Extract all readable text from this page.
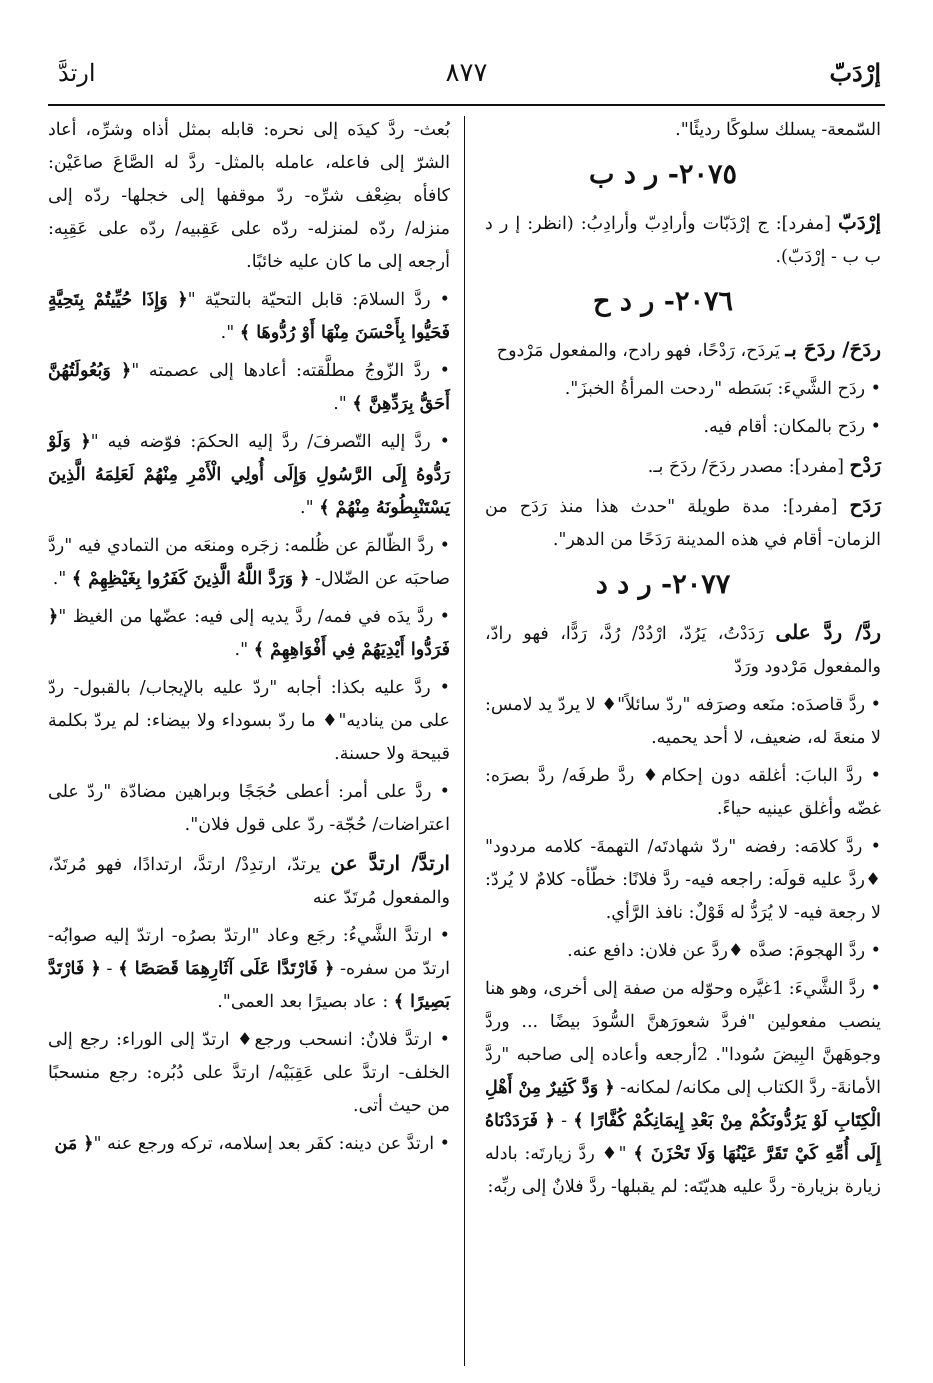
إرْدَبّ
٨٧٧
ارتدَّ

السّمعة- يسلك سلوكًا رديئًا".

٢٠٧٥- ر د ب

إرْدَبّ [مفرد]: ج إرْدَبّات وأرادِبّ وأرادِبُ: (انظر: إ ر د ب ب - إرْدَبّ).

٢٠٧٦- ر د ح

ردَحَ/ ردَحَ بـ يَردَح، رَدْحًا، فهو رادح، والمفعول مَرْدوح

• ردَح الشَّيءَ: بَسَطه "ردحت المرأةُ الخبزَ".

• ردَح بالمكان: أقام فيه.

رَدْح [مفرد]: مصدر ردَحَ/ ردَحَ بـ.

رَدَح [مفرد]: مدة طويلة "حدث هذا منذ رَدَح من الزمان- أقام في هذه المدينة رَدَحًا من الدهر".

٢٠٧٧- ر د د

ردَّ/ ردَّ على رَدَدْتُ، يَرُدّ، ارْدُدْ/ رُدَّ، رَدًّا، فهو رادّ، والمفعول مَرْدود ورَدّ

• ردَّ قاصدَه: منَعه وصرَفه "ردّ سائلاً"♦ لا يردّ يد لامس: لا منعةَ له، ضعيف، لا أحد يحميه.

• ردَّ البابَ: أغلقه دون إحكام♦ ردَّ طرفَه/ ردَّ بصرَه: غضّه وأغلق عينيه حياءً.

• ردَّ كلامَه: رفضه "ردّ شهادتَه/ التهمةَ- كلامه مردود" ♦ردَّ عليه قولَه: راجعه فيه- ردَّ فلانًا: خطّأه- كلامٌ لا يُردّ: لا رجعة فيه- لا يُرَدُّ له قَوْلٌ: نافذ الرَّأي.

• ردَّ الهجومَ: صدَّه ♦ردَّ عن فلان: دافع عنه.

• ردَّ الشَّيءَ: 1غيَّره وحوّله من صفة إلى أخرى، وهو هنا ينصب مفعولين "فردَّ شعورَهنَّ السُّودَ بيضًا ... وردَّ وجوهَهنَّ البِيضَ سُودا". 2أرجعه وأعاده إلى صاحبه "ردَّ الأمانةَ- ردَّ الكتاب إلى مكانه/ لمكانه- ﴿ وَدَّ كَثِيرٌ مِنْ أَهْلِ الْكِتَابِ لَوْ يَرُدُّونَكُمْ مِنْ بَعْدِ إِيمَانِكُمْ كُفَّارًا ﴾ - ﴿ فَرَدَدْنَاهُ إِلَى أُمِّهِ كَيْ تَقَرَّ عَيْنُهَا وَلَا تَحْزَنَ ﴾ "♦ ردَّ زيارتَه: بادله زيارة بزيارة- ردَّ عليه هديّتَه: لم يقبلها- ردَّ فلانٌ إلى ربِّه:

بُعث- ردَّ كيدَه إلى نحره: قابله بمثل أذاه وشرِّه، أعاد الشرّ إلى فاعله، عامله بالمثل- ردَّ له الصَّاعَ صاعَيْن: كافأه بضِعْف شرِّه- ردّ موقفها إلى خجلها- ردّه إلى منزله/ ردّه لمنزله- ردّه على عَقِبيه/ ردّه على عَقِبِه: أرجعه إلى ما كان عليه خائبًا.

• ردَّ السلامَ: قابل التحيّة بالتحيّة "﴿ وَإِذَا حُيِّيتُمْ بِتَحِيَّةٍ فَحَيُّوا بِأَحْسَنَ مِنْهَا أَوْ رُدُّوهَا ﴾ ".

• ردَّ الزّوجُ مطلَّقته: أعادها إلى عصمته "﴿ وَبُعُولَتُهُنَّ أَحَقُّ بِرَدِّهِنَّ ﴾ ".

• ردَّ إليه التّصرفَ/ ردَّ إليه الحكمَ: فوّضه فيه "﴿ وَلَوْ رَدُّوهُ إِلَى الرَّسُولِ وَإِلَى أُولِي الْأَمْرِ مِنْهُمْ لَعَلِمَهُ الَّذِينَ يَسْتَنْبِطُونَهُ مِنْهُمْ ﴾ ".

• ردَّ الظّالمَ عن ظُلمه: زجَره ومنعَه من التمادي فيه "ردَّ صاحبَه عن الضّلال- ﴿ وَرَدَّ اللَّهُ الَّذِينَ كَفَرُوا بِغَيْظِهِمْ ﴾ ".

• ردَّ يدَه في فمه/ ردَّ يديه إلى فيه: عضّها من الغيظ "﴿ فَرَدُّوا أَيْدِيَهُمْ فِي أَفْوَاهِهِمْ ﴾ ".

• ردَّ عليه بكذا: أجابه "ردّ عليه بالإيجاب/ بالقبول- ردّ على من يناديه"♦ ما ردّ بسوداء ولا بيضاء: لم يردّ بكلمة قبيحة ولا حسنة.

• ردَّ على أمر: أعطى حُجَجًا وبراهين مضادّة "ردّ على اعتراضات/ حُجّة- ردّ على قول فلان".

ارتدَّ/ ارتدَّ عن يرتدّ، ارتدِدْ/ ارتدَّ، ارتدادًا، فهو مُرتَدّ، والمفعول مُرتَدّ عنه

• ارتدَّ الشَّيءُ: رجَع وعاد "ارتدّ بصرُه- ارتدّ إليه صوابُه- ارتدّ من سفره- ﴿ فَارْتَدَّا عَلَى آثَارِهِمَا قَصَصًا ﴾ - ﴿ فَارْتَدَّ بَصِيرًا ﴾ : عاد بصيرًا بعد العمى".

• ارتدَّ فلانٌ: انسحب ورجع♦ ارتدّ إلى الوراء: رجع إلى الخلف- ارتدَّ على عَقِبَيْه/ ارتدَّ على دُبُره: رجع منسحبًا من حيث أتى.

• ارتدَّ عن دينه: كفَر بعد إسلامه، تركه ورجع عنه "﴿ مَن
